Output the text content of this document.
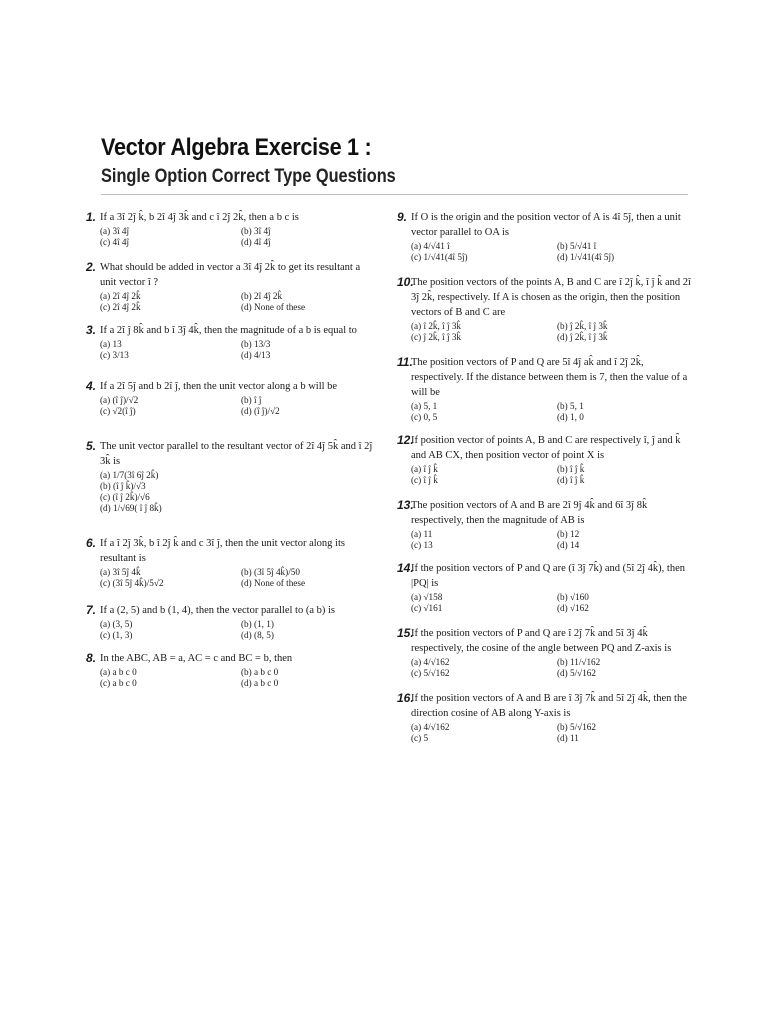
Vector Algebra Exercise 1 :
Single Option Correct Type Questions
1. If a 3î 2ĵ k̂, b 2î 4ĵ 3k̂ and c î 2ĵ 2k̂, then a b c is
(a) 3î 4ĵ	(b) 3î 4ĵ
(c) 4î 4ĵ	(d) 4î 4ĵ
2. What should be added in vector a 3î 4ĵ 2k̂ to get its resultant a unit vector î ?
(a) 2î 4ĵ 2k̂	(b) 2î 4ĵ 2k̂
(c) 2î 4ĵ 2k̂	(d) None of these
3. If a 2î ĵ 8k̂ and b î 3ĵ 4k̂, then the magnitude of a b is equal to
(a) 13	(b) 13/3
(c) 3/13	(d) 4/13
4. If a 2î 5ĵ and b 2î ĵ, then the unit vector along a b will be
(a) (î ĵ)/√2	(b) î ĵ
(c) √2(î ĵ)	(d) (î ĵ)/√2
5. The unit vector parallel to the resultant vector of 2î 4ĵ 5k̂ and î 2ĵ 3k̂ is
(a) 1/7(3î 6ĵ 2k̂)
(b) (î ĵ k̂)/√3
(c) (î ĵ 2k̂)/√6
(d) 1/√69( î ĵ 8k̂)
6. If a î 2ĵ 3k̂, b î 2ĵ k̂ and c 3î ĵ, then the unit vector along its resultant is
(a) 3î 5ĵ 4k̂	(b) (3î 5ĵ 4k̂)/50
(c) (3î 5ĵ 4k̂)/5√2	(d) None of these
7. If a (2, 5) and b (1, 4), then the vector parallel to (a b) is
(a) (3, 5)	(b) (1, 1)
(c) (1, 3)	(d) (8, 5)
8. In the ABC, AB = a, AC = c and BC = b, then
(a) a b c 0	(b) a b c 0
(c) a b c 0	(d) a b c 0
9. If O is the origin and the position vector of A is 4î 5ĵ, then a unit vector parallel to OA is
(a) 4/√41 î	(b) 5/√41 î
(c) 1/√41(4î 5ĵ)	(d) 1/√41(4î 5ĵ)
10.
The position vectors of the points A, B and C are î 2ĵ k̂, î ĵ k̂ and 2î 3ĵ 2k̂, respectively. If A is chosen as the origin, then the position vectors of B and C are
(a) î 2k̂, î ĵ 3k̂	(b) ĵ 2k̂, î ĵ 3k̂
(c) ĵ 2k̂, î ĵ 3k̂	(d) ĵ 2k̂, î ĵ 3k̂
11.
The position vectors of P and Q are 5î 4ĵ ak̂ and î 2ĵ 2k̂, respectively. If the distance between them is 7, then the value of a will be
(a) 5, 1	(b) 5, 1
(c) 0, 5	(d) 1, 0
12.
If position vector of points A, B and C are respectively î, ĵ and k̂ and AB CX, then position vector of point X is
(a) î ĵ k̂	(b) î ĵ k̂
(c) î ĵ k̂	(d) î ĵ k̂
13.
The position vectors of A and B are 2î 9ĵ 4k̂ and 6î 3ĵ 8k̂ respectively, then the magnitude of AB is
(a) 11	(b) 12
(c) 13	(d) 14
14.
If the position vectors of P and Q are (î 3ĵ 7k̂) and (5î 2ĵ 4k̂), then |PQ| is
(a) √158	(b) √160
(c) √161	(d) √162
15.
If the position vectors of P and Q are î 2ĵ 7k̂ and 5î 3ĵ 4k̂ respectively, the cosine of the angle between PQ and Z-axis is
(a) 4/√162	(b) 11/√162
(c) 5/√162	(d) 5/√162
16.
If the position vectors of A and B are î 3ĵ 7k̂ and 5î 2ĵ 4k̂, then the direction cosine of AB along Y-axis is
(a) 4/√162	(b) 5/√162
(c) 5	(d) 11
